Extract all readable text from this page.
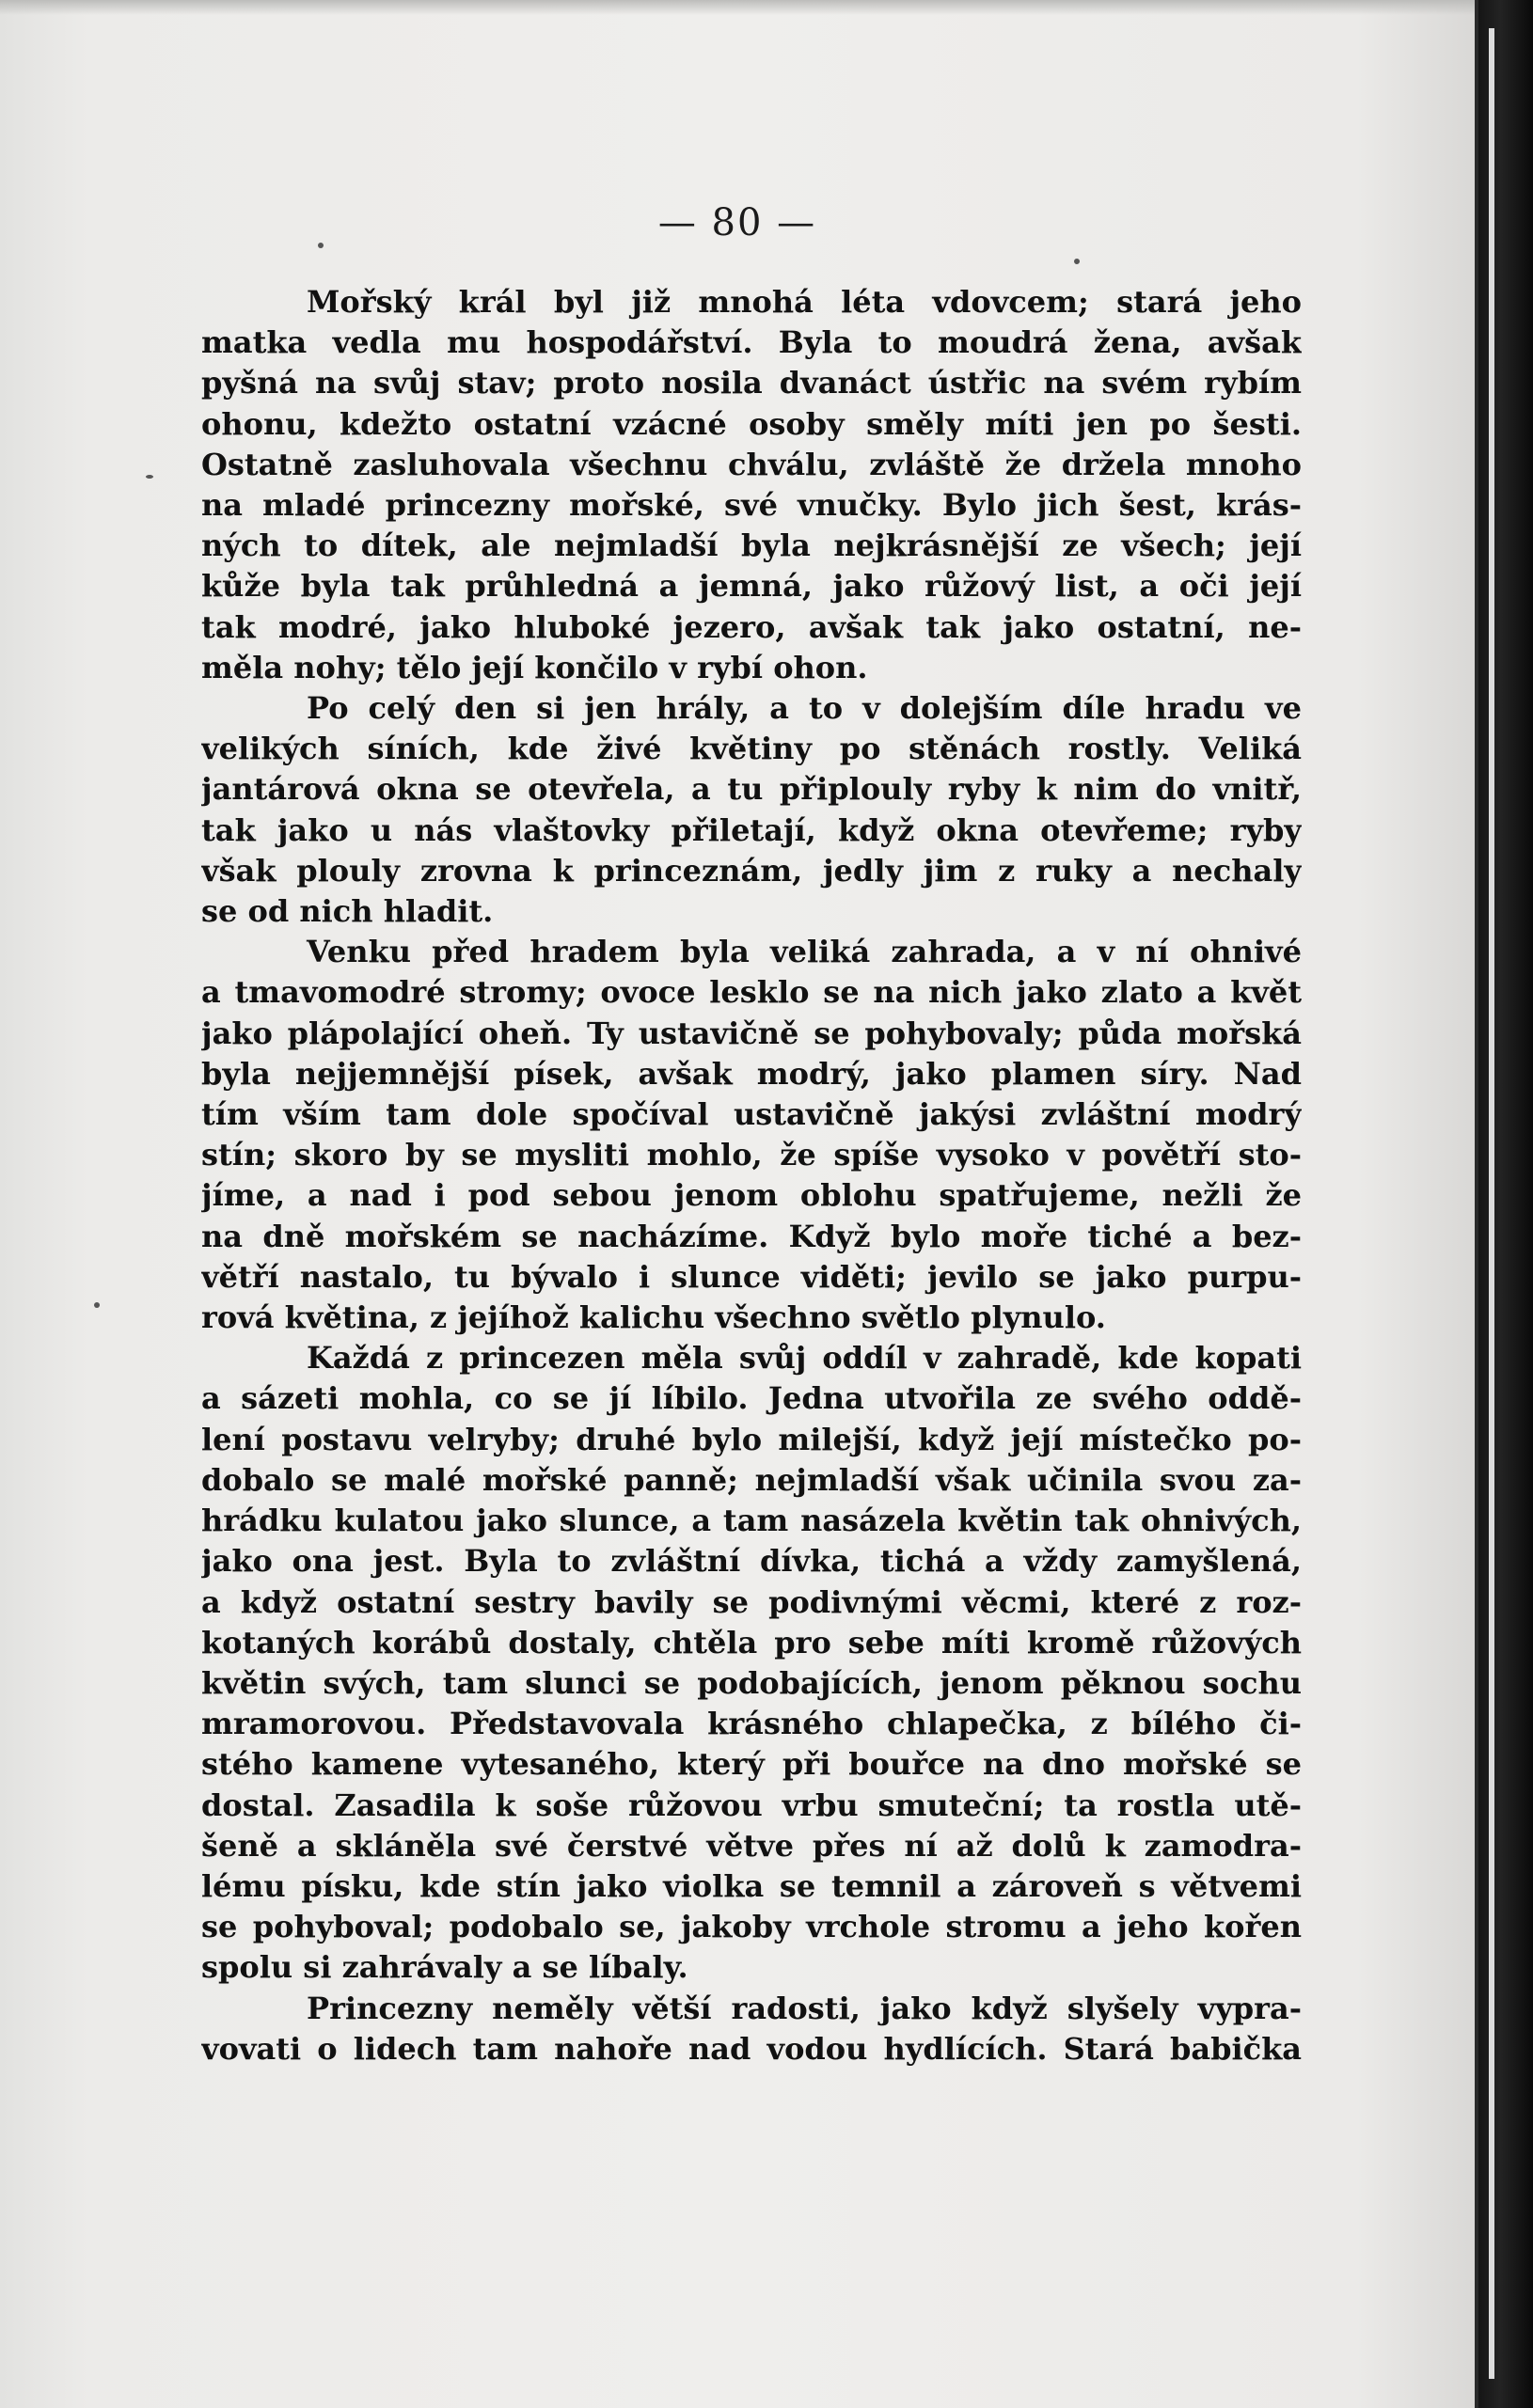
— 80 —
Mořský král byl již mnohá léta vdovcem; stará jeho
matka vedla mu hospodářství. Byla to moudrá žena, avšak
pyšná na svůj stav; proto nosila dvanáct ústřic na svém rybím
ohonu, kdežto ostatní vzácné osoby směly míti jen po šesti.
Ostatně zasluhovala všechnu chválu, zvláště že držela mnoho
na mladé princezny mořské, své vnučky. Bylo jich šest, krás-
ných to dítek, ale nejmladší byla nejkrásnější ze všech; její
kůže byla tak průhledná a jemná, jako růžový list, a oči její
tak modré, jako hluboké jezero, avšak tak jako ostatní, ne-
měla nohy; tělo její končilo v rybí ohon.
Po celý den si jen hrály, a to v dolejším díle hradu ve
velikých síních, kde živé květiny po stěnách rostly. Veliká
jantárová okna se otevřela, a tu připlouly ryby k nim do vnitř,
tak jako u nás vlaštovky přiletají, když okna otevřeme; ryby
však plouly zrovna k princeznám, jedly jim z ruky a nechaly
se od nich hladit.
Venku před hradem byla veliká zahrada, a v ní ohnivé
a tmavomodré stromy; ovoce lesklo se na nich jako zlato a květ
jako plápolající oheň. Ty ustavičně se pohybovaly; půda mořská
byla nejjemnější písek, avšak modrý, jako plamen síry. Nad
tím vším tam dole spočíval ustavičně jakýsi zvláštní modrý
stín; skoro by se mysliti mohlo, že spíše vysoko v povětří sto-
jíme, a nad i pod sebou jenom oblohu spatřujeme, nežli že
na dně mořském se nacházíme. Když bylo moře tiché a bez-
větří nastalo, tu bývalo i slunce viděti; jevilo se jako purpu-
rová květina, z jejíhož kalichu všechno světlo plynulo.
Každá z princezen měla svůj oddíl v zahradě, kde kopati
a sázeti mohla, co se jí líbilo. Jedna utvořila ze svého oddě-
lení postavu velryby; druhé bylo milejší, když její místečko po-
dobalo se malé mořské panně; nejmladší však učinila svou za-
hrádku kulatou jako slunce, a tam nasázela květin tak ohnivých,
jako ona jest. Byla to zvláštní dívka, tichá a vždy zamyšlená,
a když ostatní sestry bavily se podivnými věcmi, které z roz-
kotaných korábů dostaly, chtěla pro sebe míti kromě růžových
květin svých, tam slunci se podobajících, jenom pěknou sochu
mramorovou. Představovala krásného chlapečka, z bílého či-
stého kamene vytesaného, který při bouřce na dno mořské se
dostal. Zasadila k soše růžovou vrbu smuteční; ta rostla utě-
šeně a skláněla své čerstvé větve přes ní až dolů k zamodra-
lému písku, kde stín jako violka se temnil a zároveň s větvemi
se pohyboval; podobalo se, jakoby vrchole stromu a jeho kořen
spolu si zahrávaly a se líbaly.
Princezny neměly větší radosti, jako když slyšely vypra-
vovati o lidech tam nahoře nad vodou hydlících. Stará babička
